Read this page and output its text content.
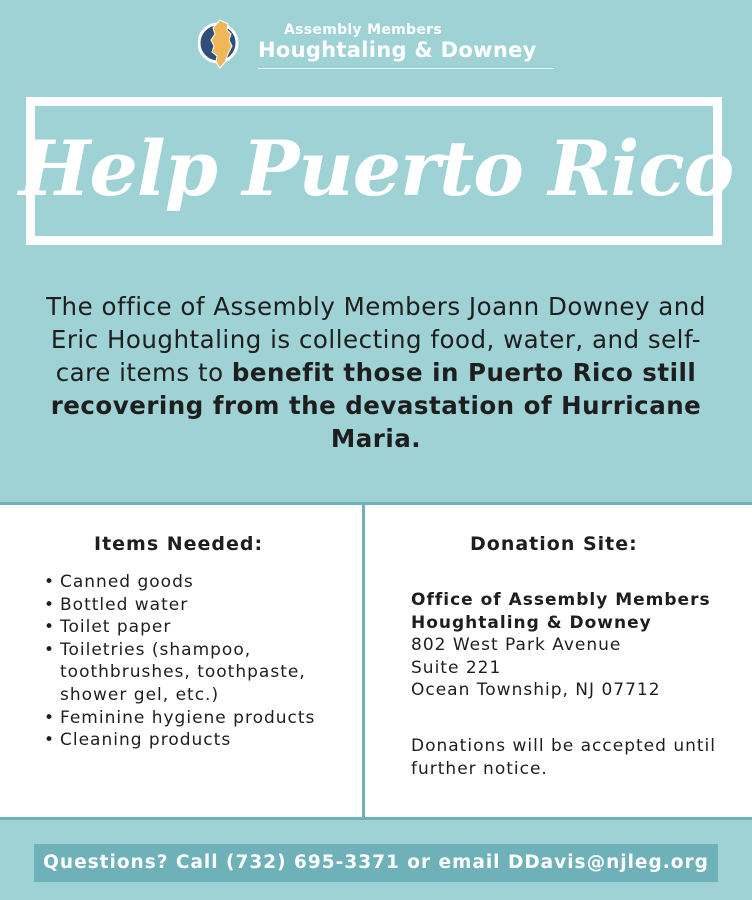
Assembly Members
Houghtaling & Downey
Help Puerto Rico
The office of Assembly Members Joann Downey and Eric Houghtaling is collecting food, water, and self-care items to benefit those in Puerto Rico still recovering from the devastation of Hurricane Maria.
Items Needed:
• Canned goods
• Bottled water
• Toilet paper
• Toiletries (shampoo, toothbrushes, toothpaste, shower gel, etc.)
• Feminine hygiene products
• Cleaning products
Donation Site:
Office of Assembly Members
Houghtaling & Downey
802 West Park Avenue
Suite 221
Ocean Township, NJ 07712
Donations will be accepted until further notice.
Questions? Call (732) 695-3371 or email DDavis@njleg.org
